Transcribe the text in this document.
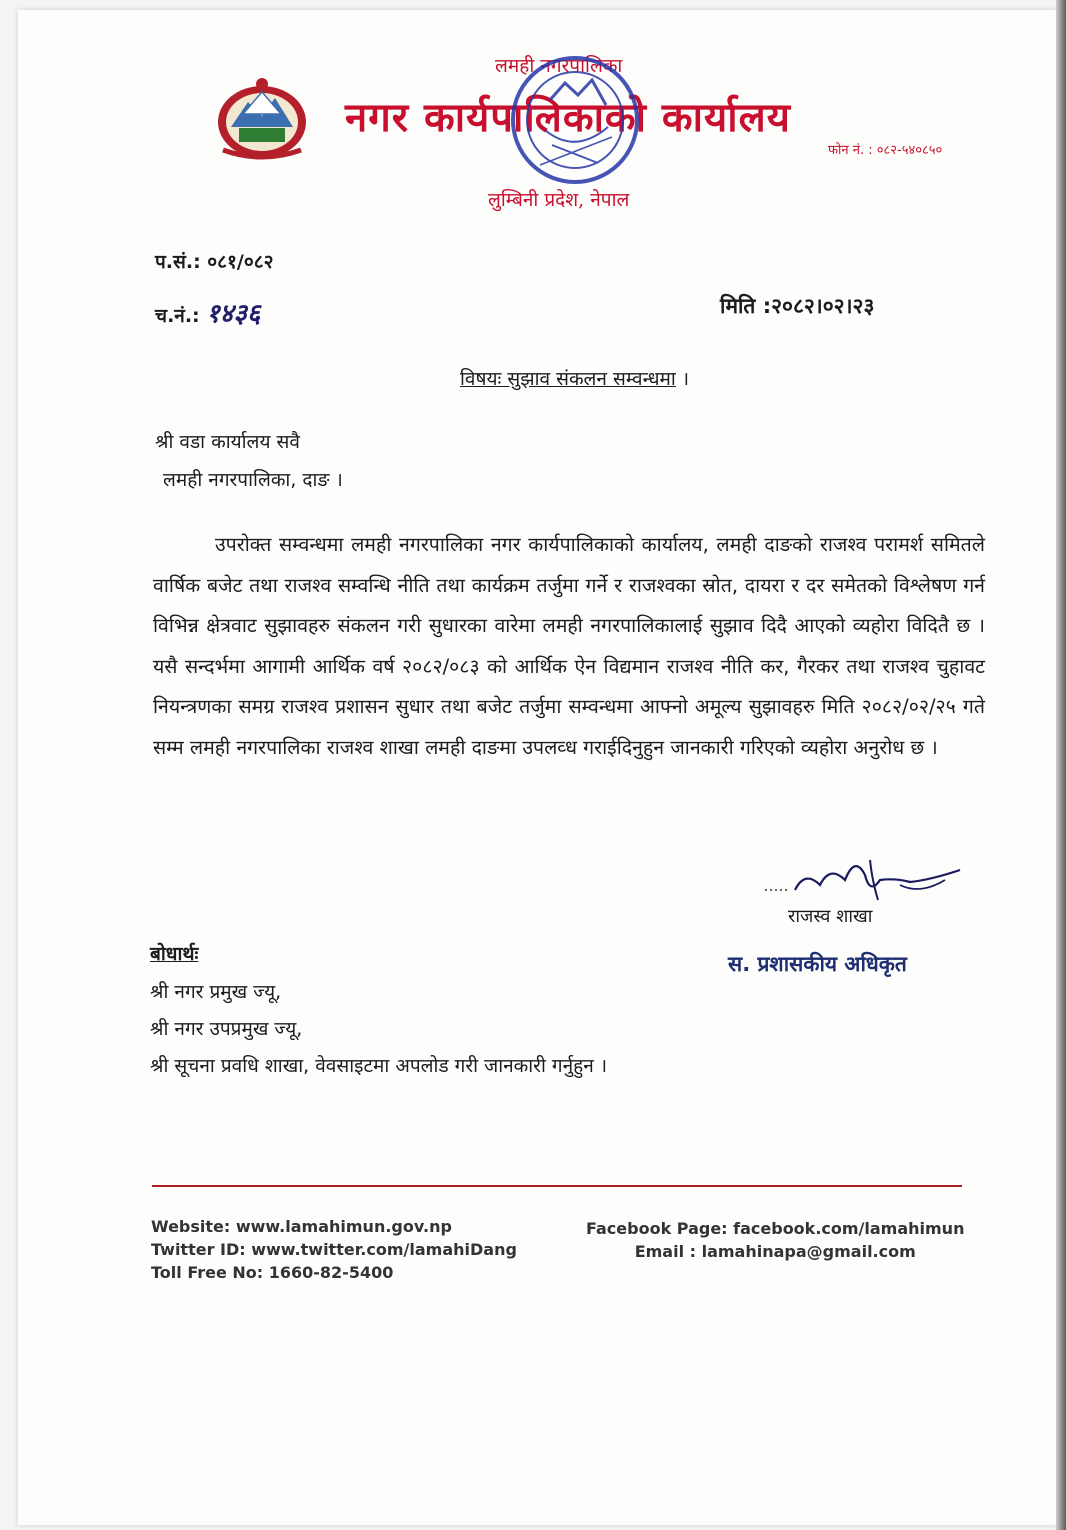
लमही नगरपालिका
नगर कार्यपालिकाको कार्यालय
लुम्बिनी प्रदेश, नेपाल
फोन नं. : ०८२-५४०८५०
प.सं.: ०८१/०८२
च.नं.: १४३६	मिति :२०८२।०२।२३
विषयः सुझाव संकलन सम्वन्धमा ।
श्री वडा कार्यालय सवै
लमही नगरपालिका, दाङ ।
उपरोक्त सम्वन्धमा लमही नगरपालिका नगर कार्यपालिकाको कार्यालय, लमही दाङको राजश्व परामर्श समितले वार्षिक बजेट तथा राजश्व सम्वन्धि नीति तथा कार्यक्रम तर्जुमा गर्ने र राजश्वका स्रोत, दायरा र दर समेतको विश्लेषण गर्न विभिन्न क्षेत्रवाट सुझावहरु संकलन गरी सुधारका वारेमा लमही नगरपालिकालाई सुझाव दिदै आएको व्यहोरा विदितै छ । यसै सन्दर्भमा आगामी आर्थिक वर्ष २०८२/०८३ को आर्थिक ऐन विद्यमान राजश्व नीति कर, गैरकर तथा राजश्व चुहावट नियन्त्रणका समग्र राजश्व प्रशासन सुधार तथा बजेट तर्जुमा सम्वन्धमा आफ्नो अमूल्य सुझावहरु मिति २०८२/०२/२५ गते सम्म लमही नगरपालिका राजश्व शाखा लमही दाङमा उपलव्ध गराईदिनुहुन जानकारी गरिएको व्यहोरा अनुरोध छ ।
राजस्व शाखा
स. प्रशासकीय अधिकृत
बोधार्थः
श्री नगर प्रमुख ज्यू,
श्री नगर उपप्रमुख ज्यू,
श्री सूचना प्रवधि शाखा, वेवसाइटमा अपलोड गरी जानकारी गर्नुहुन ।
Website: www.lamahimun.gov.np
Twitter ID: www.twitter.com/lamahiDang
Toll Free No: 1660-82-5400
Facebook Page: facebook.com/lamahimun
Email : lamahinapa@gmail.com
